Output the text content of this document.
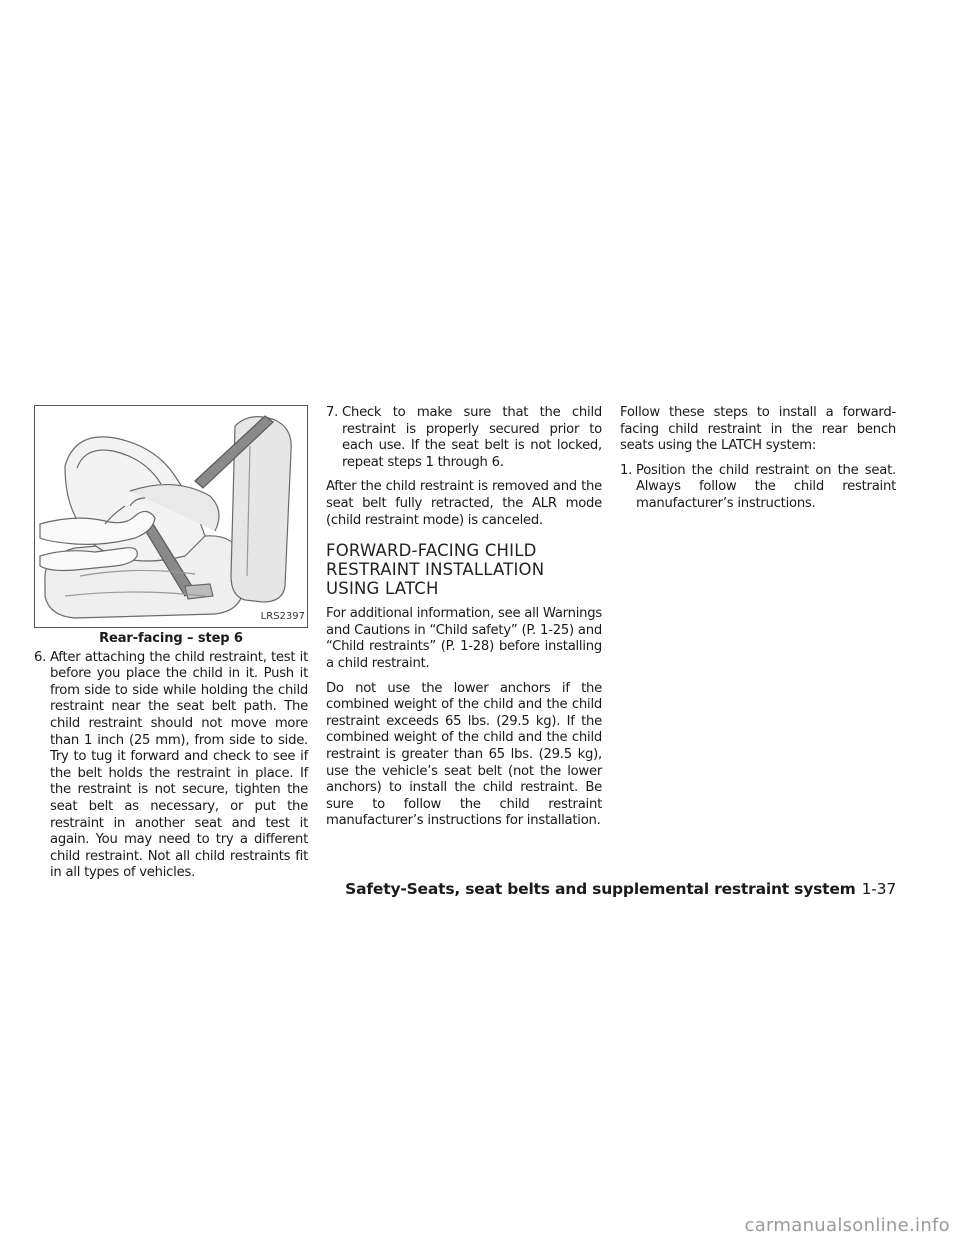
LRS2397
Rear-facing – step 6
6. After attaching the child restraint, test it before you place the child in it. Push it from side to side while holding the child restraint near the seat belt path. The child restraint should not move more than 1 inch (25 mm), from side to side. Try to tug it forward and check to see if the belt holds the restraint in place. If the restraint is not secure, tighten the seat belt as necessary, or put the restraint in another seat and test it again. You may need to try a different child restraint. Not all child restraints fit in all types of vehicles.
7. Check to make sure that the child restraint is properly secured prior to each use. If the seat belt is not locked, repeat steps 1 through 6.

After the child restraint is removed and the seat belt fully retracted, the ALR mode (child restraint mode) is canceled.

FORWARD-FACING CHILD RESTRAINT INSTALLATION USING LATCH

For additional information, see all Warnings and Cautions in “Child safety” (P. 1-25) and “Child restraints” (P. 1-28) before installing a child restraint.

Do not use the lower anchors if the combined weight of the child and the child restraint exceeds 65 lbs. (29.5 kg). If the combined weight of the child and the child restraint is greater than 65 lbs. (29.5 kg), use the vehicle’s seat belt (not the lower anchors) to install the child restraint. Be sure to follow the child restraint manufacturer’s instructions for installation.

Follow these steps to install a forward-facing child restraint in the rear bench seats using the LATCH system:

1. Position the child restraint on the seat. Always follow the child restraint manufacturer’s instructions.
Safety-Seats, seat belts and supplemental restraint system 1-37
carmanualsonline.info
